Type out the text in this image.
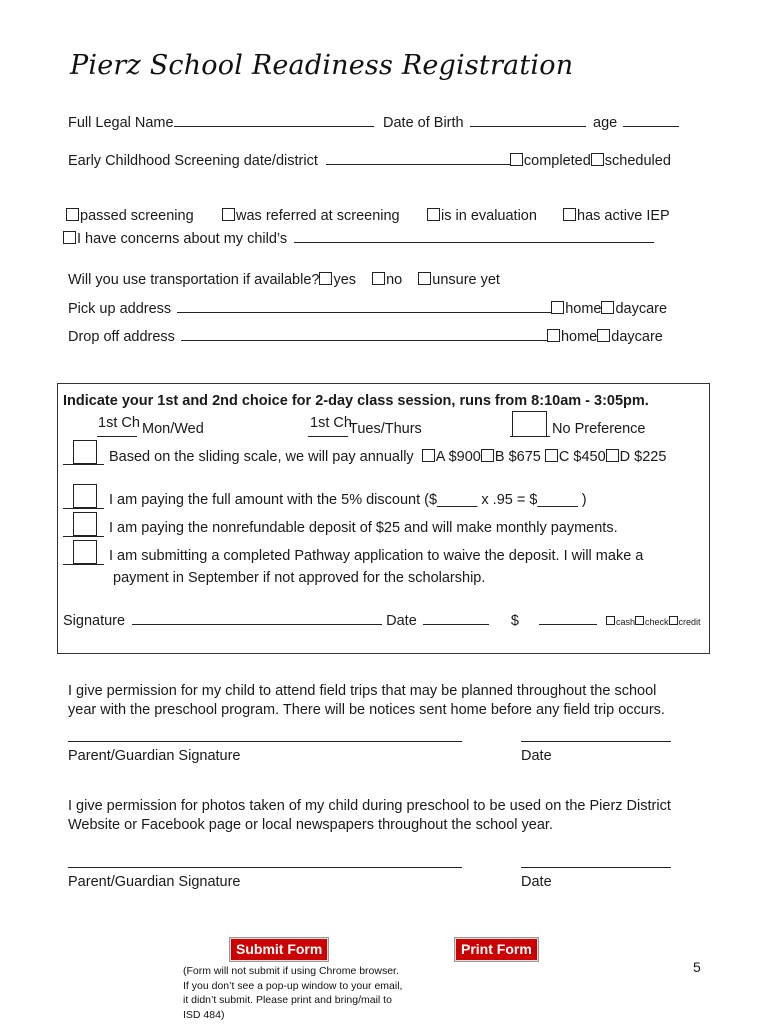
Pierz School Readiness Registration
Full Legal Name	Date of Birth	age
Early Childhood Screening date/district	completed scheduled
passed screening	was referred at screening	is in evaluation	has active IEP
I have concerns about my child’s
Will you use transportation if available? yes no unsure yet
Pick up address	home daycare
Drop off address	home daycare
Indicate your 1st and 2nd choice for 2-day class session, runs from 8:10am - 3:05pm.
1st Ch Mon/Wed	1st Ch
Tues/Thurs	No Preference
Based on the sliding scale, we will pay annually A $900 B $675 C $450 D $225
I am paying the full amount with the 5% discount ($_____ x .95 = $_____ )
I am paying the nonrefundable deposit of $25 and will make monthly payments.
I am submitting a completed Pathway application to waive the deposit. I will make a
payment in September if not approved for the scholarship.
Signature	Date	$	cash check credit
I give permission for my child to attend field trips that may be planned throughout the school
year with the preschool program. There will be notices sent home before any field trip occurs.
Parent/Guardian Signature	Date
I give permission for photos taken of my child during preschool to be used on the Pierz District
Website or Facebook page or local newspapers throughout the school year.
Parent/Guardian Signature	Date
Submit Form	Print Form
(Form will not submit if using Chrome browser.
If you don’t see a pop-up window to your email,
it didn’t submit. Please print and bring/mail to
ISD 484)
5
